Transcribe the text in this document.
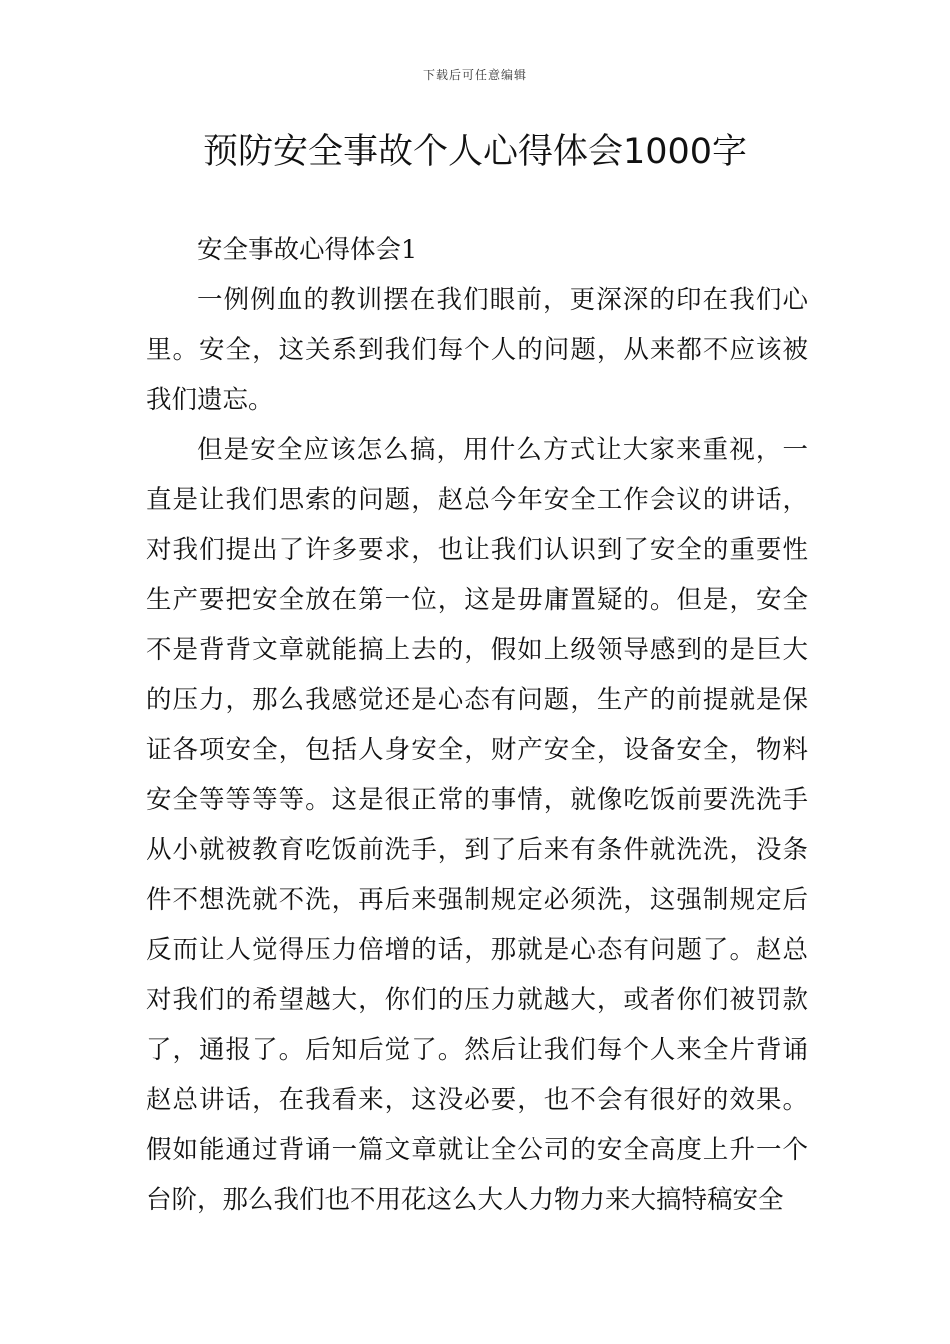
下载后可任意编辑
预防安全事故个人心得体会1000字

安全事故心得体会1

一例例血的教训摆在我们眼前，更深深的印在我们心里。安全，这关系到我们每个人的问题，从来都不应该被我们遗忘。

但是安全应该怎么搞，用什么方式让大家来重视，一直是让我们思索的问题，赵总今年安全工作会议的讲话，对我们提出了许多要求，也让我们认识到了安全的重要性生产要把安全放在第一位，这是毋庸置疑的。但是，安全不是背背文章就能搞上去的，假如上级领导感到的是巨大的压力，那么我感觉还是心态有问题，生产的前提就是保证各项安全，包括人身安全，财产安全，设备安全，物料安全等等等等。这是很正常的事情，就像吃饭前要洗洗手从小就被教育吃饭前洗手，到了后来有条件就洗洗，没条件不想洗就不洗，再后来强制规定必须洗，这强制规定后反而让人觉得压力倍增的话，那就是心态有问题了。赵总对我们的希望越大，你们的压力就越大，或者你们被罚款了，通报了。后知后觉了。然后让我们每个人来全片背诵赵总讲话，在我看来，这没必要，也不会有很好的效果。假如能通过背诵一篇文章就让全公司的安全高度上升一个台阶，那么我们也不用花这么大人力物力来大搞特稿安全
